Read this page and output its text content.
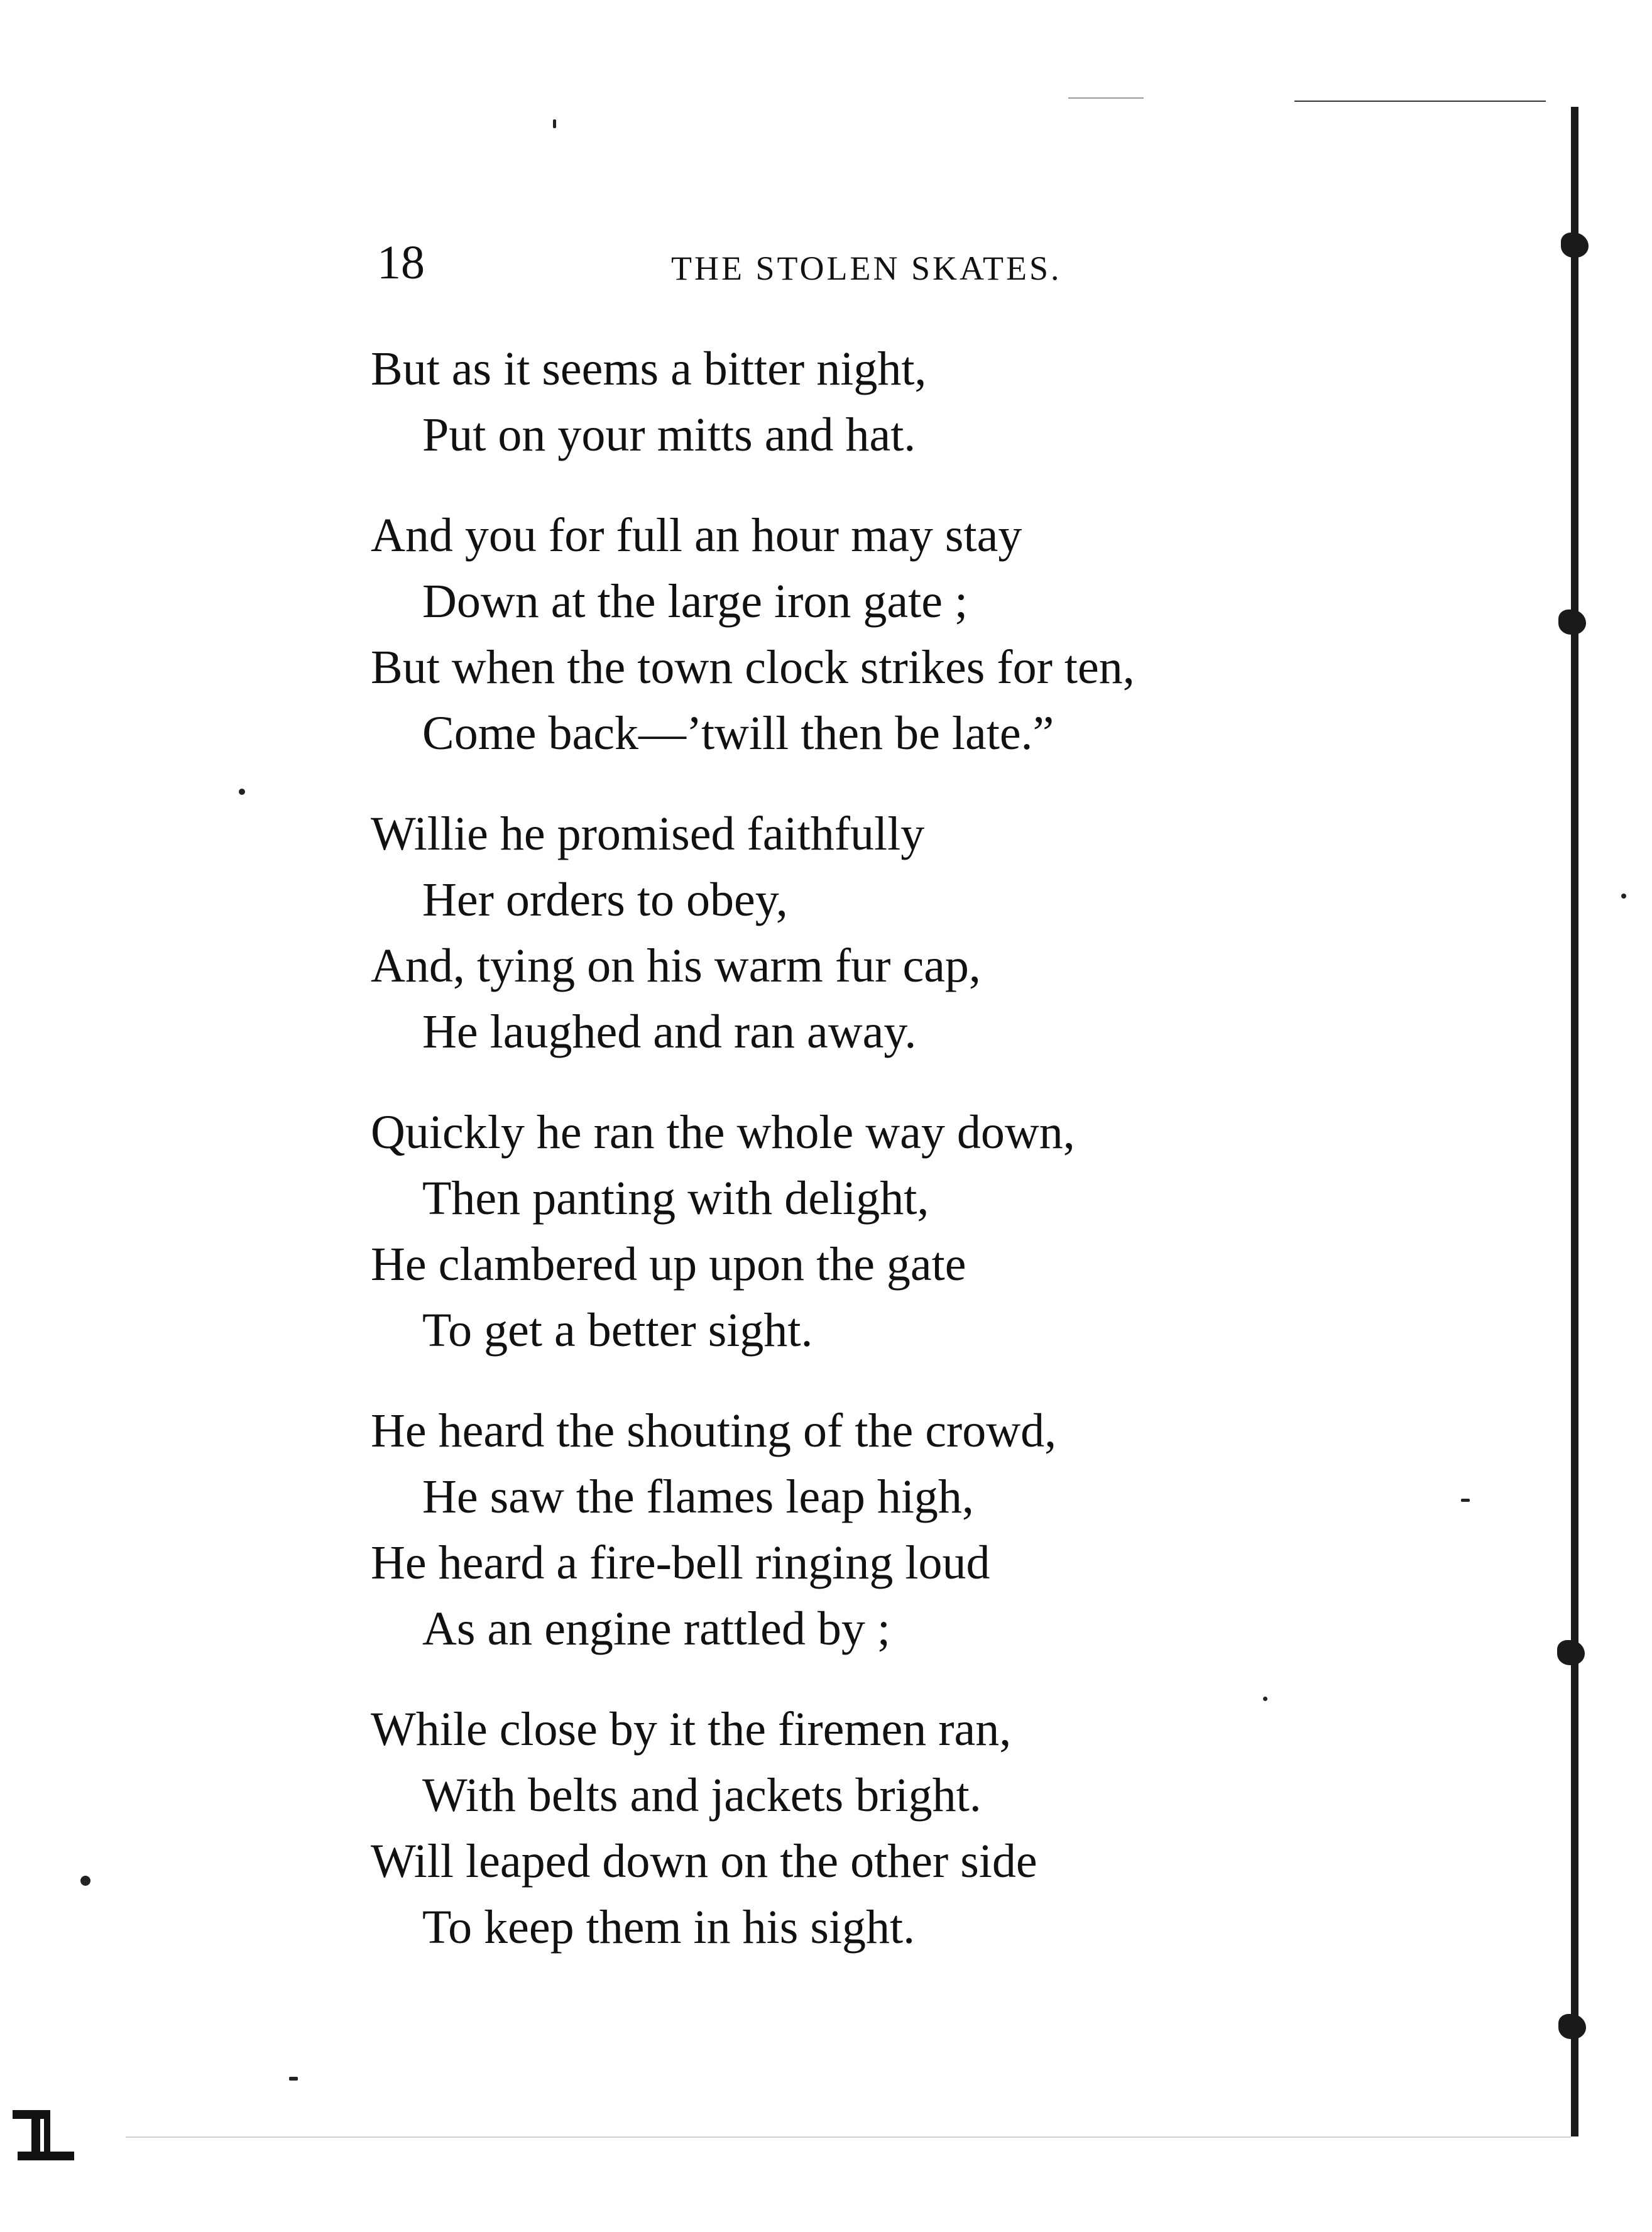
18	THE STOLEN SKATES.
But as it seems a bitter night,
Put on your mitts and hat.
And you for full an hour may stay
Down at the large iron gate ;
But when the town clock strikes for ten,
Come back—’twill then be late.”
Willie he promised faithfully
Her orders to obey,
And, tying on his warm fur cap,
He laughed and ran away.
Quickly he ran the whole way down,
Then panting with delight,
He clambered up upon the gate
To get a better sight.
He heard the shouting of the crowd,
He saw the flames leap high,
He heard a fire-bell ringing loud
As an engine rattled by ;
While close by it the firemen ran,
With belts and jackets bright.
Will leaped down on the other side
To keep them in his sight.
